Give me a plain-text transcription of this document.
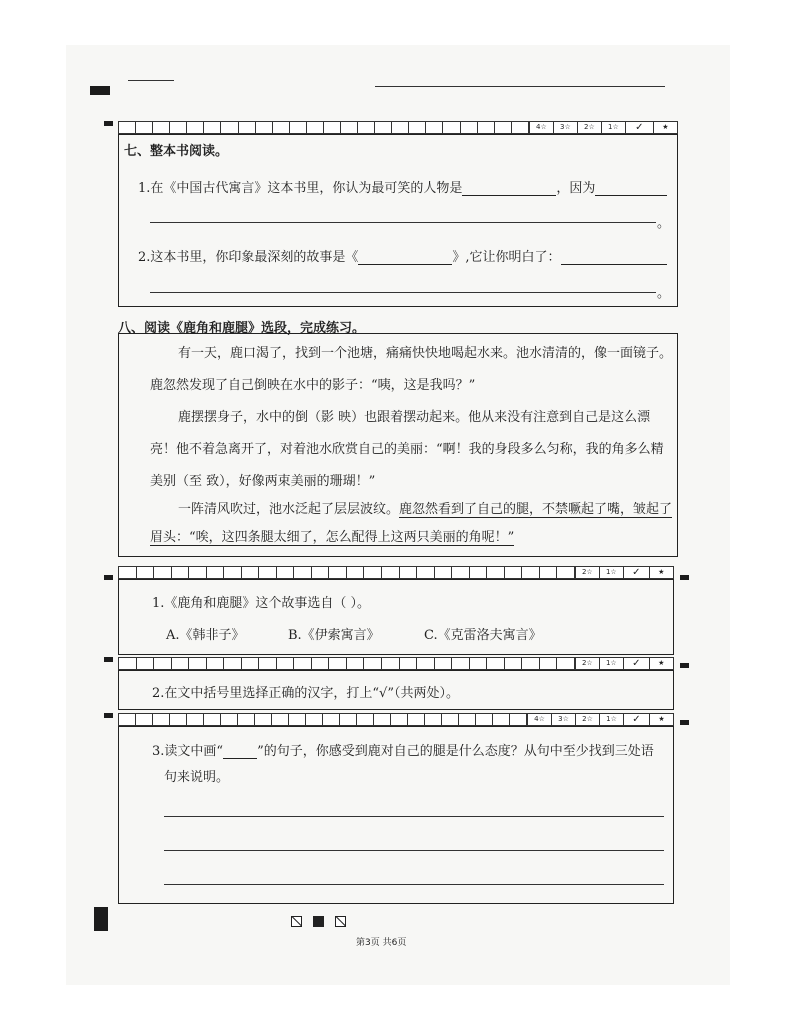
4☆	3☆	2☆	1☆	✓	★
七、整本书阅读。
1.在《中国古代寓言》这本书里，你认为最可笑的人物是	，因为
。
2.这本书里，你印象最深刻的故事是《	》,它让你明白了：
。
八、阅读《鹿角和鹿腿》选段，完成练习。
有一天，鹿口渴了，找到一个池塘，痛痛快快地喝起水来。池水清清的，像一面镜子。
鹿忽然发现了自己倒映在水中的影子：“咦，这是我吗？”
鹿摆摆身子，水中的倒（影 映）也跟着摆动起来。他从来没有注意到自己是这么漂
亮！他不着急离开了，对着池水欣赏自己的美丽：“啊！我的身段多么匀称，我的角多么精
美别（至 致），好像两束美丽的珊瑚！”
一阵清风吹过，池水泛起了层层波纹。鹿忽然看到了自己的腿，不禁噘起了嘴，皱起了
眉头：“唉，这四条腿太细了，怎么配得上这两只美丽的角呢！”
2☆	1☆	✓	★
1.《鹿角和鹿腿》这个故事选自（ ）。
A.《韩非子》	B.《伊索寓言》	C.《克雷洛夫寓言》
2☆	1☆	✓	★
2.在文中括号里选择正确的汉字，打上“√”（共两处）。
4☆	3☆	2☆	1☆	✓	★
3.读文中画“	”的句子，你感受到鹿对自己的腿是什么态度？从句中至少找到三处语
句来说明。
第3页 共6页
